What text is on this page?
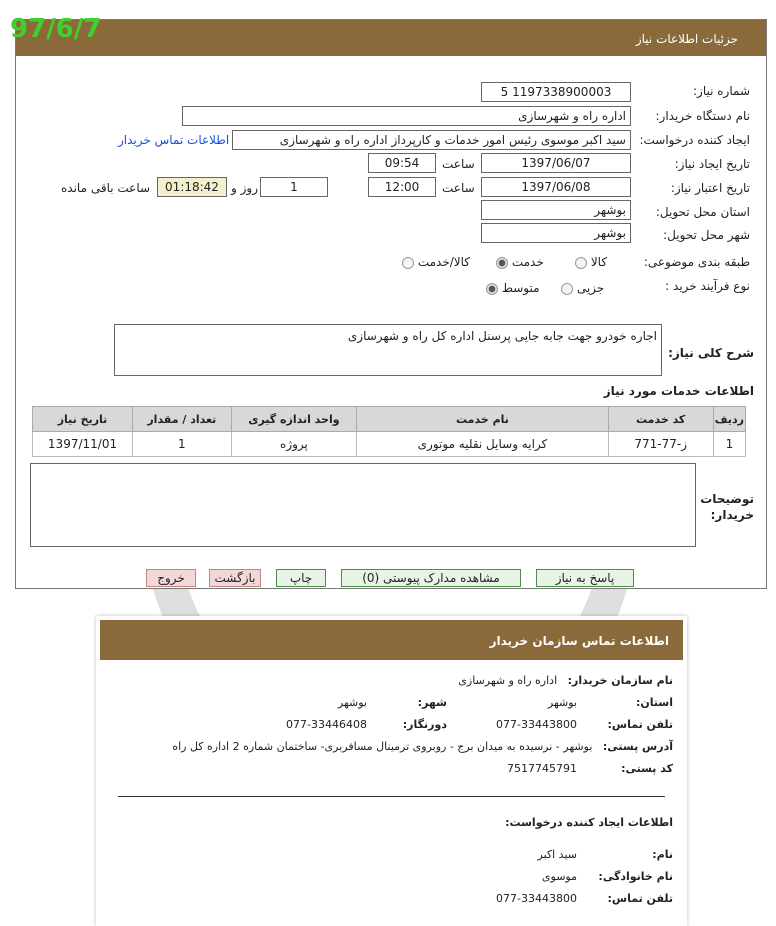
97/6/7	جزئیات اطلاعات نیاز
شماره نیاز:
1197338900003 5
نام دستگاه خریدار:
اداره راه و شهرسازی
ایجاد کننده درخواست:
سید اکبر موسوی رئیس امور خدمات و کارپرداز اداره راه و شهرسازی
اطلاعات تماس خریدار
تاریخ ایجاد نیاز:
1397/06/07
ساعت
09:54
تاریخ اعتبار نیاز:
1397/06/08
ساعت
12:00
1
روز و
01:18:42
ساعت باقی مانده
استان محل تحویل:
بوشهر
شهر محل تحویل:
بوشهر
طبقه بندی موضوعی:
کالا
خدمت
کالا/خدمت
نوع فرآیند خرید :
جزیی
متوسط
شرح کلی نیاز:
اجاره خودرو جهت جابه جایی پرسنل اداره کل راه و شهرسازی
اطلاعات خدمات مورد نیاز
ردیف	کد خدمت	نام خدمت	واحد اندازه گیری	تعداد / مقدار	تاریخ نیاز
1	ز-77-771	کرایه وسایل نقلیه موتوری	پروژه	1	1397/11/01
توضیحات
خریدار:
پاسخ به نیاز
مشاهده مدارک پیوستی (0)
چاپ
بازگشت
خروج
اطلاعات تماس سازمان خریدار
نام سازمان خریدار:   اداره راه و شهرسازی
استان:
بوشهر
شهر:
بوشهر
تلفن تماس:
077-33443800
دورنگار:
077-33446408
آدرس پستی:   بوشهر - نرسیده به میدان برج - روبروی ترمینال مسافربری- ساختمان شماره 2 اداره کل راه
کد پستی:
7517745791
اطلاعات ایجاد کننده درخواست:
نام:
سید اکبر
نام خانوادگی:
موسوی
تلفن تماس:
077-33443800
